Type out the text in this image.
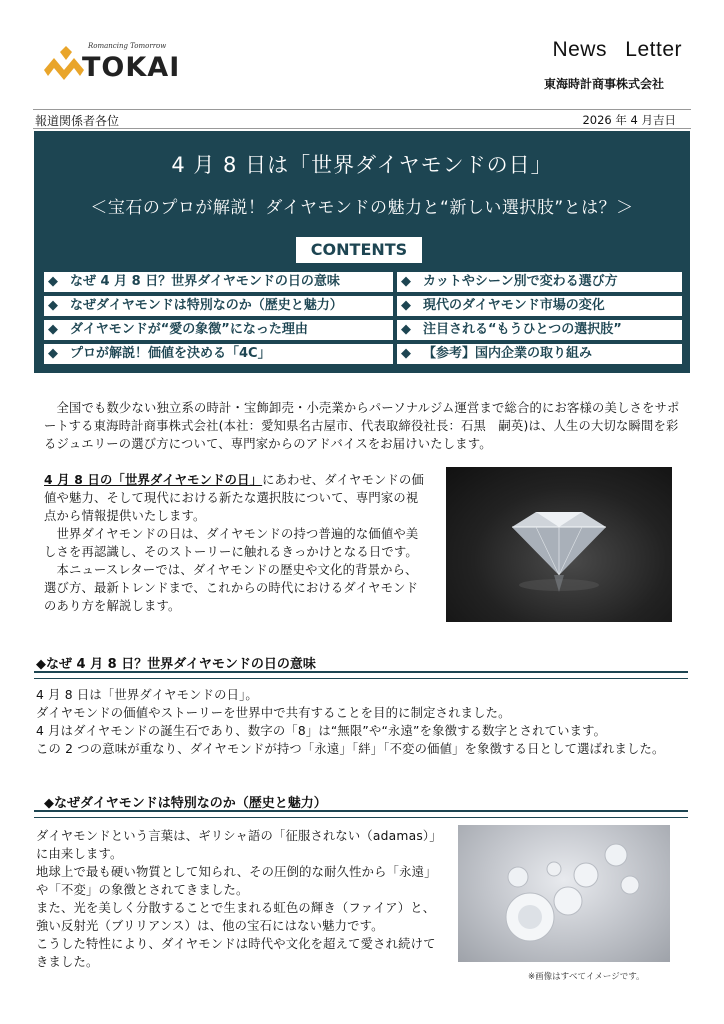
Romancing Tomorrow
TOKAI
News Letter
東海時計商事株式会社
報道関係者各位	2026 年 4 月吉日
4 月 8 日は「世界ダイヤモンドの日」
＜宝石のプロが解説！ダイヤモンドの魅力と“新しい選択肢”とは？＞
CONTENTS
◆ なぜ 4 月 8 日？世界ダイヤモンドの日の意味	◆ カットやシーン別で変わる選び方
◆ なぜダイヤモンドは特別なのか（歴史と魅力）	◆ 現代のダイヤモンド市場の変化
◆ ダイヤモンドが“愛の象徴”になった理由	◆ 注目される“もうひとつの選択肢”
◆ プロが解説！価値を決める「4C」	◆ 【参考】国内企業の取り組み
 全国でも数少ない独立系の時計・宝飾卸売・小売業からパーソナルジム運営まで総合的にお客様の美しさをサポートする東海時計商事株式会社(本社：愛知県名古屋市、代表取締役社長：石黒　嗣英)は、人生の大切な瞬間を彩るジュエリーの選び方について、専門家からのアドバイスをお届けいたします。
4 月 8 日の「世界ダイヤモンドの日」にあわせ、ダイヤモンドの価値や魅力、そして現代における新たな選択肢について、専門家の視点から情報提供いたします。
 世界ダイヤモンドの日は、ダイヤモンドの持つ普遍的な価値や美しさを再認識し、そのストーリーに触れるきっかけとなる日です。
 本ニュースレターでは、ダイヤモンドの歴史や文化的背景から、選び方、最新トレンドまで、これからの時代におけるダイヤモンドのあり方を解説します。
◆なぜ 4 月 8 日？世界ダイヤモンドの日の意味
4 月 8 日は「世界ダイヤモンドの日」。
ダイヤモンドの価値やストーリーを世界中で共有することを目的に制定されました。
4 月はダイヤモンドの誕生石であり、数字の「8」は“無限”や“永遠”を象徴する数字とされています。
この 2 つの意味が重なり、ダイヤモンドが持つ「永遠」「絆」「不変の価値」を象徴する日として選ばれました。
◆なぜダイヤモンドは特別なのか（歴史と魅力）
ダイヤモンドという言葉は、ギリシャ語の「征服されない（adamas）」に由来します。
地球上で最も硬い物質として知られ、その圧倒的な耐久性から「永遠」や「不変」の象徴とされてきました。
また、光を美しく分散することで生まれる虹色の輝き（ファイア）と、強い反射光（ブリリアンス）は、他の宝石にはない魅力です。
こうした特性により、ダイヤモンドは時代や文化を超えて愛され続けてきました。
※画像はすべてイメージです。
